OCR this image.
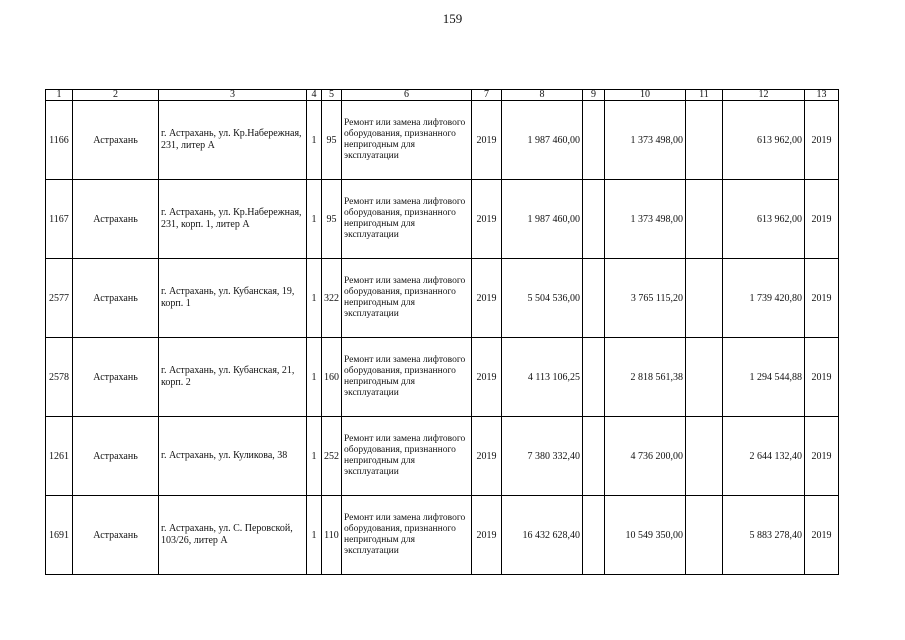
159
1	2	3	4	5	6	7	8	9	10	11	12	13
1166	Астрахань	г. Астрахань, ул. Кр.Набережная, 231, литер А	1	95	Ремонт или замена лифтового оборудования, признанного непригодным для эксплуатации	2019	1 987 460,00		1 373 498,00		613 962,00	2019
1167	Астрахань	г. Астрахань, ул. Кр.Набережная, 231, корп. 1, литер А	1	95	Ремонт или замена лифтового оборудования, признанного непригодным для эксплуатации	2019	1 987 460,00		1 373 498,00		613 962,00	2019
2577	Астрахань	г. Астрахань, ул. Кубанская, 19, корп. 1	1	322	Ремонт или замена лифтового оборудования, признанного непригодным для эксплуатации	2019	5 504 536,00		3 765 115,20		1 739 420,80	2019
2578	Астрахань	г. Астрахань, ул. Кубанская, 21, корп. 2	1	160	Ремонт или замена лифтового оборудования, признанного непригодным для эксплуатации	2019	4 113 106,25		2 818 561,38		1 294 544,88	2019
1261	Астрахань	г. Астрахань, ул. Куликова, 38	1	252	Ремонт или замена лифтового оборудования, признанного непригодным для эксплуатации	2019	7 380 332,40		4 736 200,00		2 644 132,40	2019
1691	Астрахань	г. Астрахань, ул. С. Перовской, 103/26, литер А	1	110	Ремонт или замена лифтового оборудования, признанного непригодным для эксплуатации	2019	16 432 628,40		10 549 350,00		5 883 278,40	2019
